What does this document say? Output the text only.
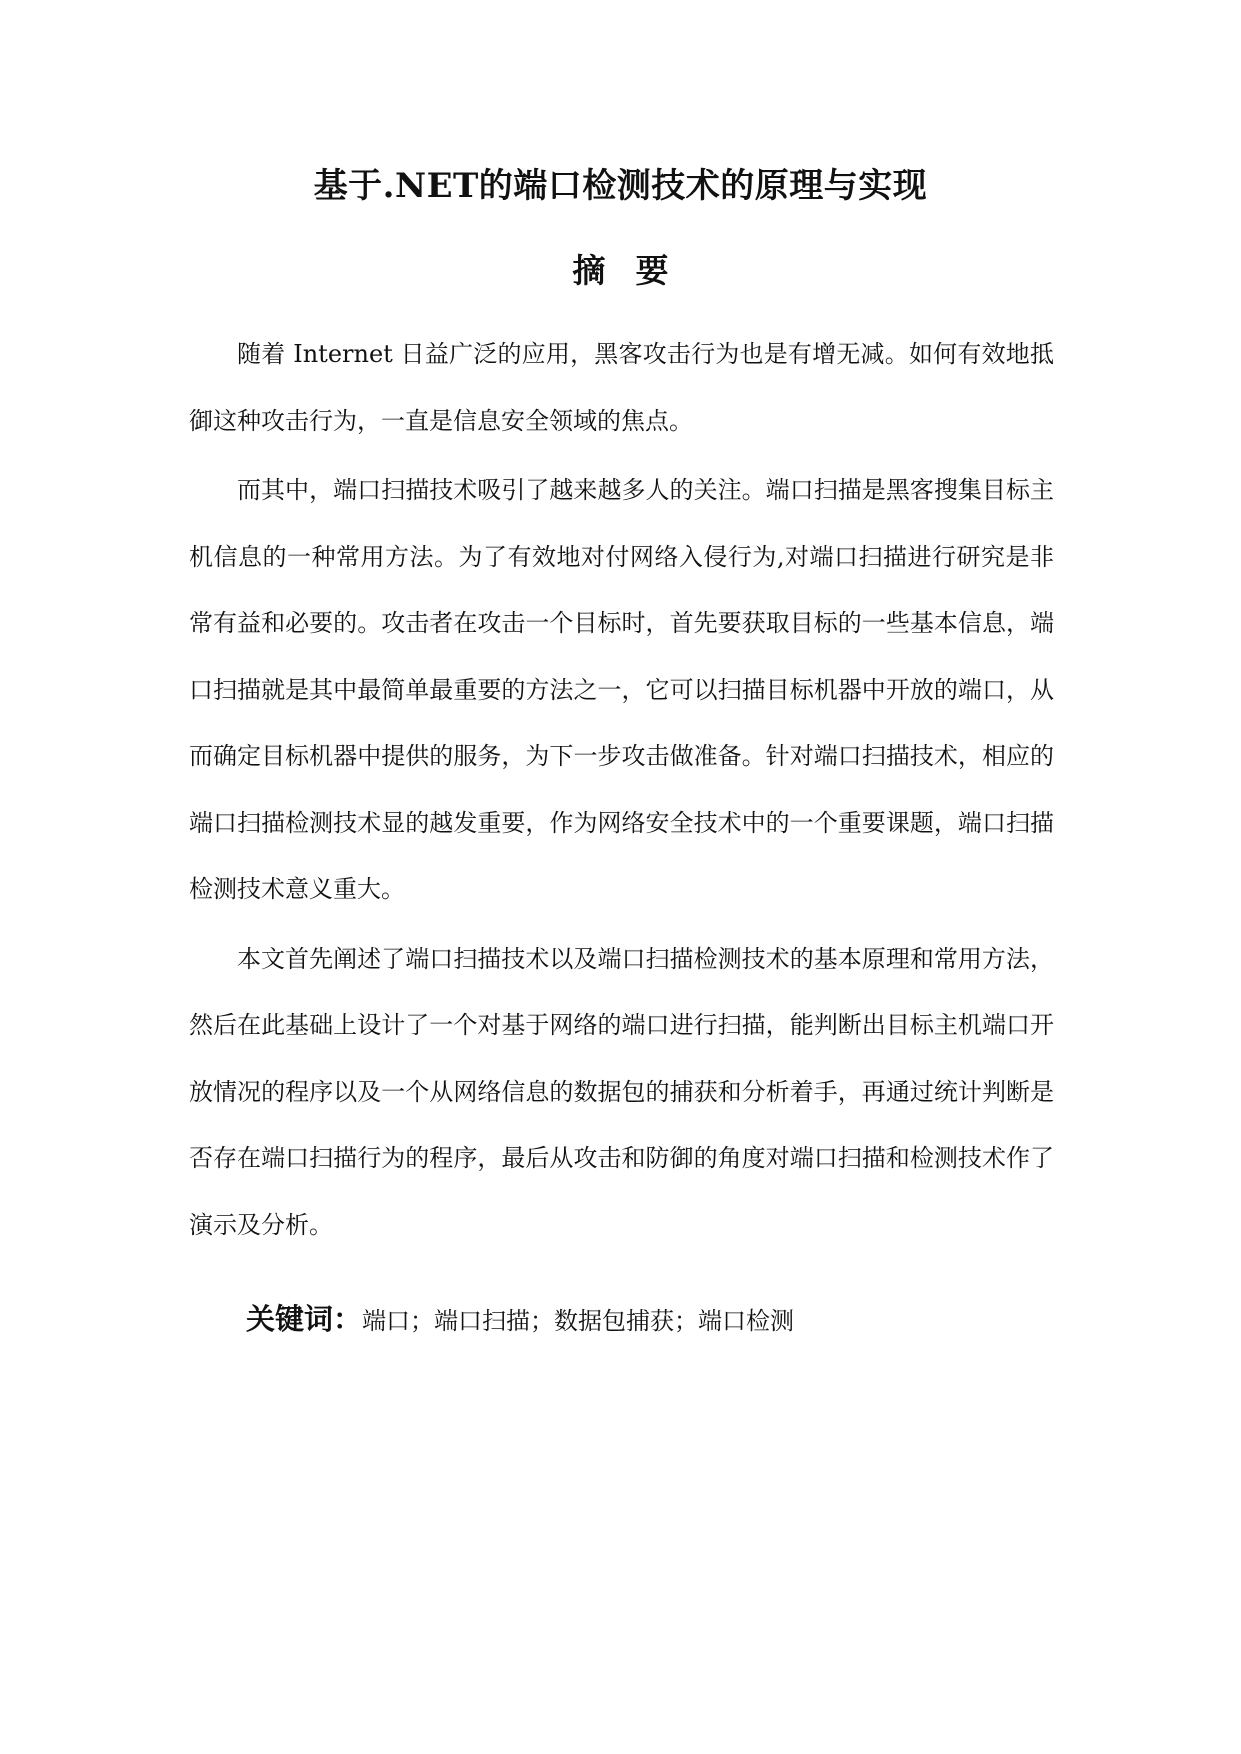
基于.NET的端口检测技术的原理与实现
摘要

随着 Internet 日益广泛的应用，黑客攻击行为也是有增无减。如何有效地抵御这种攻击行为，一直是信息安全领域的焦点。

而其中，端口扫描技术吸引了越来越多人的关注。端口扫描是黑客搜集目标主机信息的一种常用方法。为了有效地对付网络入侵行为,对端口扫描进行研究是非常有益和必要的。攻击者在攻击一个目标时，首先要获取目标的一些基本信息，端口扫描就是其中最简单最重要的方法之一，它可以扫描目标机器中开放的端口，从而确定目标机器中提供的服务，为下一步攻击做准备。针对端口扫描技术，相应的端口扫描检测技术显的越发重要，作为网络安全技术中的一个重要课题，端口扫描检测技术意义重大。

本文首先阐述了端口扫描技术以及端口扫描检测技术的基本原理和常用方法，然后在此基础上设计了一个对基于网络的端口进行扫描，能判断出目标主机端口开放情况的程序以及一个从网络信息的数据包的捕获和分析着手，再通过统计判断是否存在端口扫描行为的程序，最后从攻击和防御的角度对端口扫描和检测技术作了演示及分析。

关键词：端口；端口扫描；数据包捕获；端口检测
